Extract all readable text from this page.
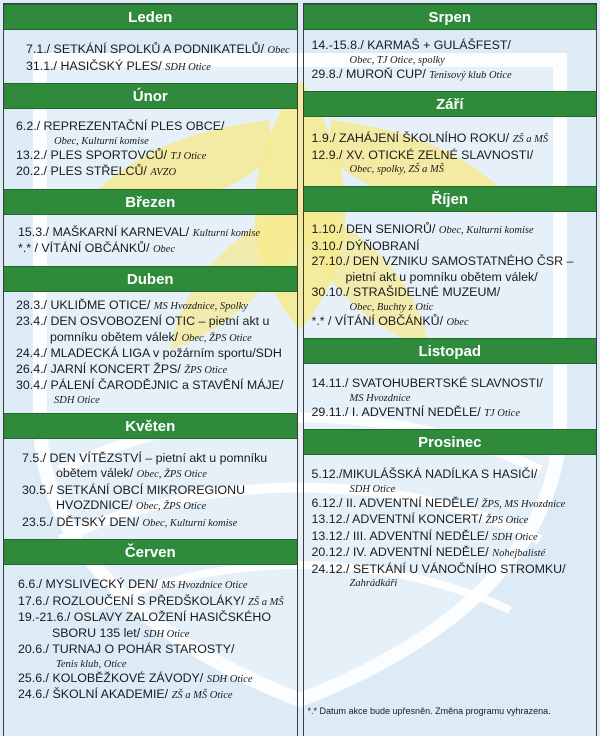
Leden
7.1./ SETKÁNÍ SPOLKŮ A PODNIKATELŮ/ Obec
31.1./ HASIČSKÝ PLES/ SDH Otice
Únor
6.2./ REPREZENTAČNÍ PLES OBCE/
Obec, Kulturní komise
13.2./ PLES SPORTOVCŮ/ TJ Otice
20.2./ PLES STŘELCŮ/ AVZO
Březen
15.3./ MAŠKARNÍ KARNEVAL/ Kulturní komise
*.* / VÍTÁNÍ OBČÁNKŮ/ Obec
Duben
28.3./ UKLIĎME OTICE/ MS Hvozdnice, Spolky
23.4./ DEN OSVOBOZENÍ OTIC – pietní akt u
pomníku obětem válek/ Obec, ŽPS Otice
24.4./ MLADECKÁ LIGA v požárním sportu/SDH
26.4./ JARNÍ KONCERT ŽPS/ ŽPS Otice
30.4./ PÁLENÍ ČARODĚJNIC a STAVĚNÍ MÁJE/
SDH Otice
Květen
7.5./ DEN VÍTĚZSTVÍ – pietní akt u pomníku
obětem válek/ Obec, ŽPS Otice
30.5./ SETKÁNÍ OBCÍ MIKROREGIONU
HVOZDNICE/ Obec, ŽPS Otice
23.5./ DĚTSKÝ DEN/ Obec, Kulturní komise
Červen
6.6./ MYSLIVECKÝ DEN/ MS Hvozdnice Otice
17.6./ ROZLOUČENÍ S PŘEDŠKOLÁKY/ ZŠ a MŠ
19.-21.6./ OSLAVY ZALOŽENÍ HASIČSKÉHO
SBORU 135 let/ SDH Otice
20.6./ TURNAJ O POHÁR STAROSTY/
Tenis klub, Otice
25.6./ KOLOBĚŽKOVÉ ZÁVODY/ SDH Otice
24.6./ ŠKOLNÍ AKADEMIE/ ZŠ a MŠ Otice
Srpen
14.-15.8./ KARMAŠ + GULÁŠFEST/
Obec, TJ Otice, spolky
29.8./ MUROŇ CUP/ Tenisový klub Otice
Září
1.9./ ZAHÁJENÍ ŠKOLNÍHO ROKU/ ZŠ a MŠ
12.9./ XV. OTICKÉ ZELNÉ SLAVNOSTI/
Obec, spolky, ZŠ a MŠ
Říjen
1.10./ DEN SENIORŮ/ Obec, Kulturní komise
3.10./ DÝŇOBRANÍ
27.10./ DEN VZNIKU SAMOSTATNÉHO ČSR –
pietní akt u pomníku obětem válek/
30.10./ STRAŠIDELNÉ MUZEUM/
Obec, Buchty z Otic
*.* / VÍTÁNÍ OBČÁNKŮ/ Obec
Listopad
14.11./ SVATOHUBERTSKÉ SLAVNOSTI/
MS Hvozdnice
29.11./ I. ADVENTNÍ NEDĚLE/ TJ Otice
Prosinec
5.12./MIKULÁŠSKÁ NADÍLKA S HASIČI/
SDH Otice
6.12./ II. ADVENTNÍ NEDĚLE/ ŽPS, MS Hvozdnice
13.12./ ADVENTNÍ KONCERT/ ŽPS Otice
13.12./ III. ADVENTNÍ NEDĚLE/ SDH Otice
20.12./ IV. ADVENTNÍ NEDĚLE/ Nohejbalisté
24.12./ SETKÁNÍ U VÁNOČNÍHO STROMKU/
Zahrádkáři
*.* Datum akce bude upřesněn. Změna programu vyhrazena.
